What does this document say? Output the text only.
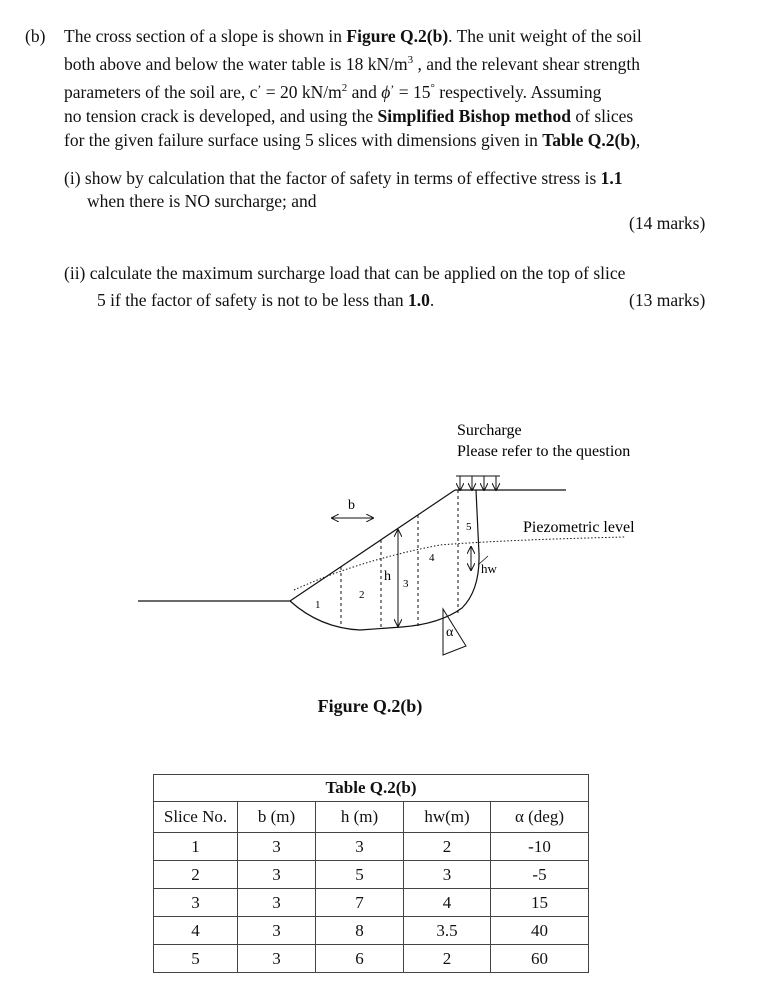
(b) The cross section of a slope is shown in Figure Q.2(b). The unit weight of the soil
both above and below the water table is 18 $kN/m^3$ , and the relevant shear strength
parameters of the soil are, c’ = 20 $kN/m^2$ and ϕ’ = 15° respectively. Assuming
no tension crack is developed, and using the Simplified Bishop method of slices
for the given failure surface using 5 slices with dimensions given in Table Q.2(b),
(i) show by calculation that the factor of safety in terms of effective stress is 1.1
when there is NO surcharge; and
(14 marks)
(ii) calculate the maximum surcharge load that can be applied on the top of slice
5 if the factor of safety is not to be less than 1.0.	(13 marks)
h
b
hw
α
1
2
3
4
5
Surcharge
Please refer to the question
Piezometric level
Figure Q.2(b)
Table Q.2(b)				
Slice No.	b (m)	h (m)	hw(m)	α (deg)
1	3	3	2	-10
2	3	5	3	-5
3	3	7	4	15
4	3	8	3.5	40
5	3	6	2	60
